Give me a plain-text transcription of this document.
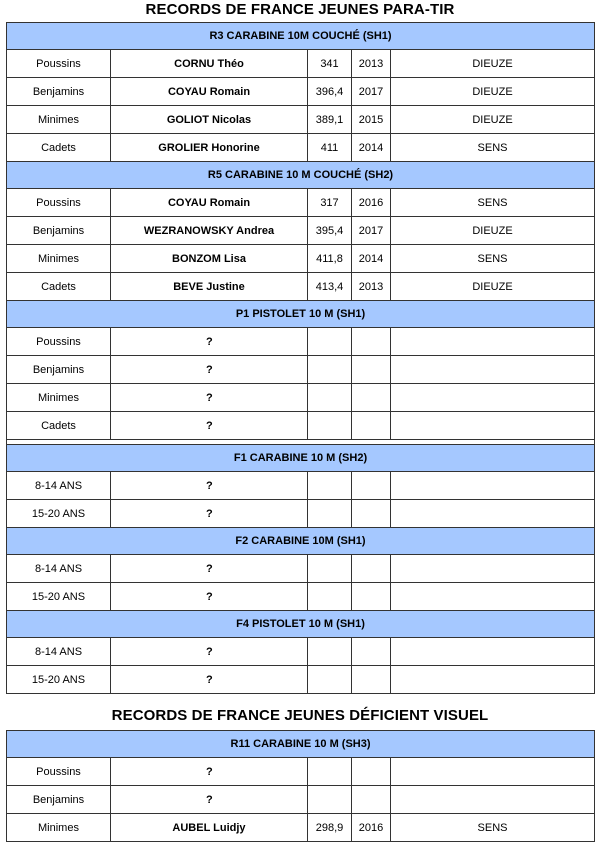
RECORDS DE FRANCE JEUNES PARA-TIR
R3 CARABINE 10M COUCHÉ (SH1)				
Poussins	CORNU Théo	341	2013	DIEUZE
Benjamins	COYAU Romain	396,4	2017	DIEUZE
Minimes	GOLIOT Nicolas	389,1	2015	DIEUZE
Cadets	GROLIER Honorine	411	2014	SENS
R5 CARABINE 10 M COUCHÉ (SH2)				
Poussins	COYAU Romain	317	2016	SENS
Benjamins	WEZRANOWSKY Andrea	395,4	2017	DIEUZE
Minimes	BONZOM Lisa	411,8	2014	SENS
Cadets	BEVE Justine	413,4	2013	DIEUZE
P1 PISTOLET 10 M (SH1)				
Poussins	?			
Benjamins	?			
Minimes	?			
Cadets	?			

F1 CARABINE 10 M (SH2)				
8-14 ANS	?			
15-20 ANS	?			
F2 CARABINE 10M (SH1)				
8-14 ANS	?			
15-20 ANS	?			
F4 PISTOLET 10 M (SH1)				
8-14 ANS	?			
15-20 ANS	?			
RECORDS DE FRANCE JEUNES DÉFICIENT VISUEL
R11 CARABINE 10 M (SH3)				
Poussins	?			
Benjamins	?			
Minimes	AUBEL Luidjy	298,9	2016	SENS
